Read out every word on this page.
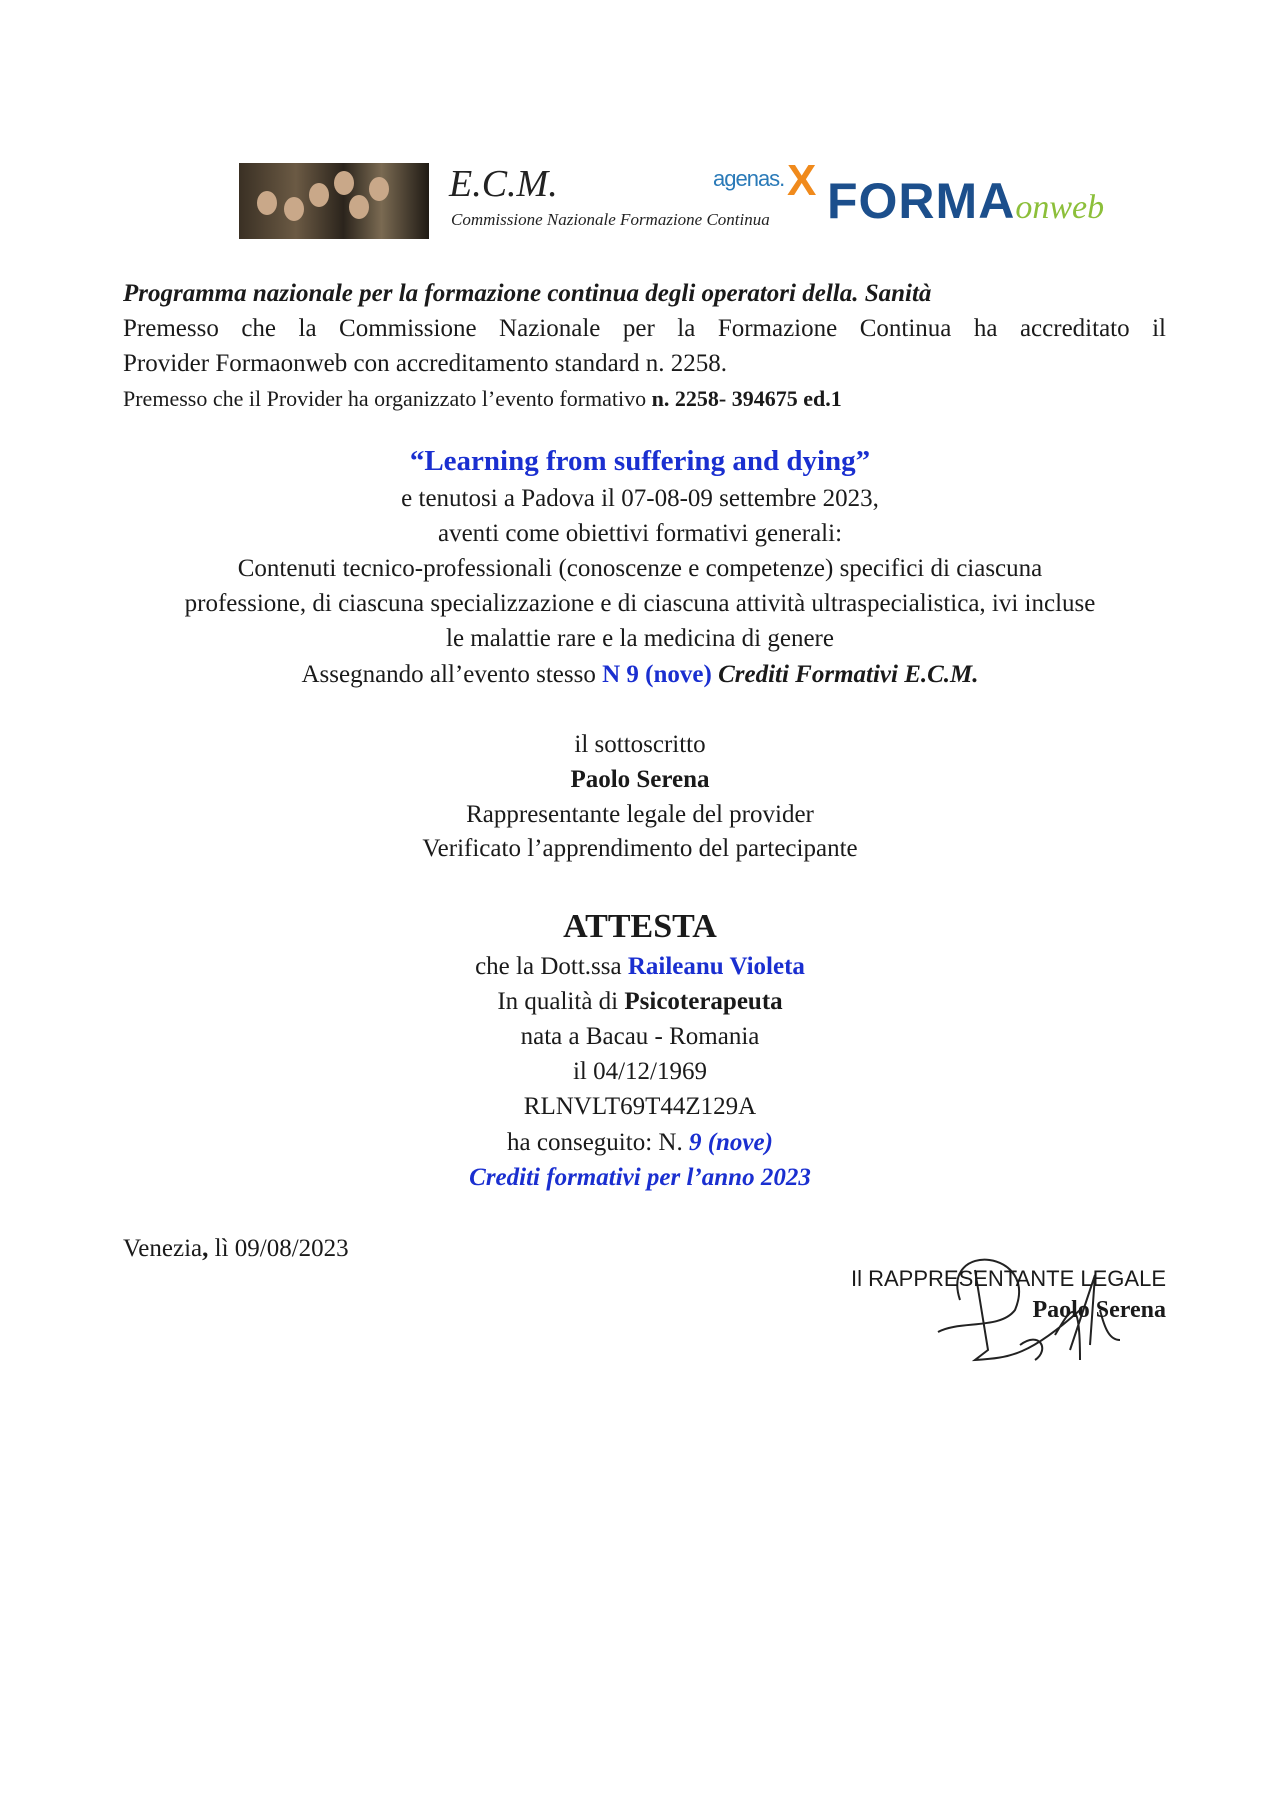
E.C.M.
Commissione Nazionale Formazione Continua
agenas. X FORMAonweb
Programma nazionale per la formazione continua degli operatori della. Sanità
Premesso che la Commissione Nazionale per la Formazione Continua ha accreditato il
Provider Formaonweb con accreditamento standard n. 2258.
Premesso che il Provider ha organizzato l’evento formativo n. 2258- 394675 ed.1
“Learning from suffering and dying”
e tenutosi a Padova il 07-08-09 settembre 2023,
aventi come obiettivi formativi generali:
Contenuti tecnico-professionali (conoscenze e competenze) specifici di ciascuna
professione, di ciascuna specializzazione e di ciascuna attività ultraspecialistica, ivi incluse
le malattie rare e la medicina di genere
Assegnando all’evento stesso N 9 (nove) Crediti Formativi E.C.M.
il sottoscritto
Paolo Serena
Rappresentante legale del provider
Verificato l’apprendimento del partecipante
ATTESTA
che la Dott.ssa Raileanu Violeta
In qualità di Psicoterapeuta
nata a Bacau - Romania
il 04/12/1969
RLNVLT69T44Z129A
ha conseguito: N. 9 (nove)
Crediti formativi per l’anno 2023
Venezia, lì 09/08/2023
Il RAPPRESENTANTE LEGALE
Paolo Serena
